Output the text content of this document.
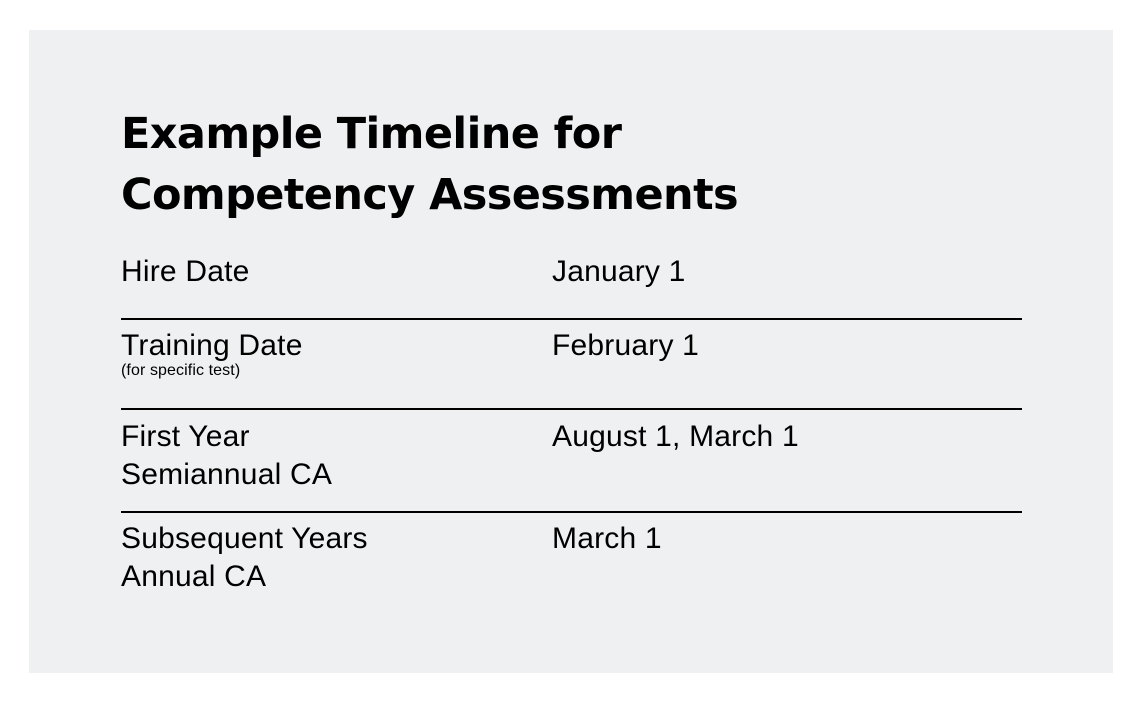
Example Timeline for
Competency Assessments
Hire Date	January 1
Training Date
(for specific test)
February 1
First Year
Semiannual CA
August 1, March 1
Subsequent Years
Annual CA
March 1
